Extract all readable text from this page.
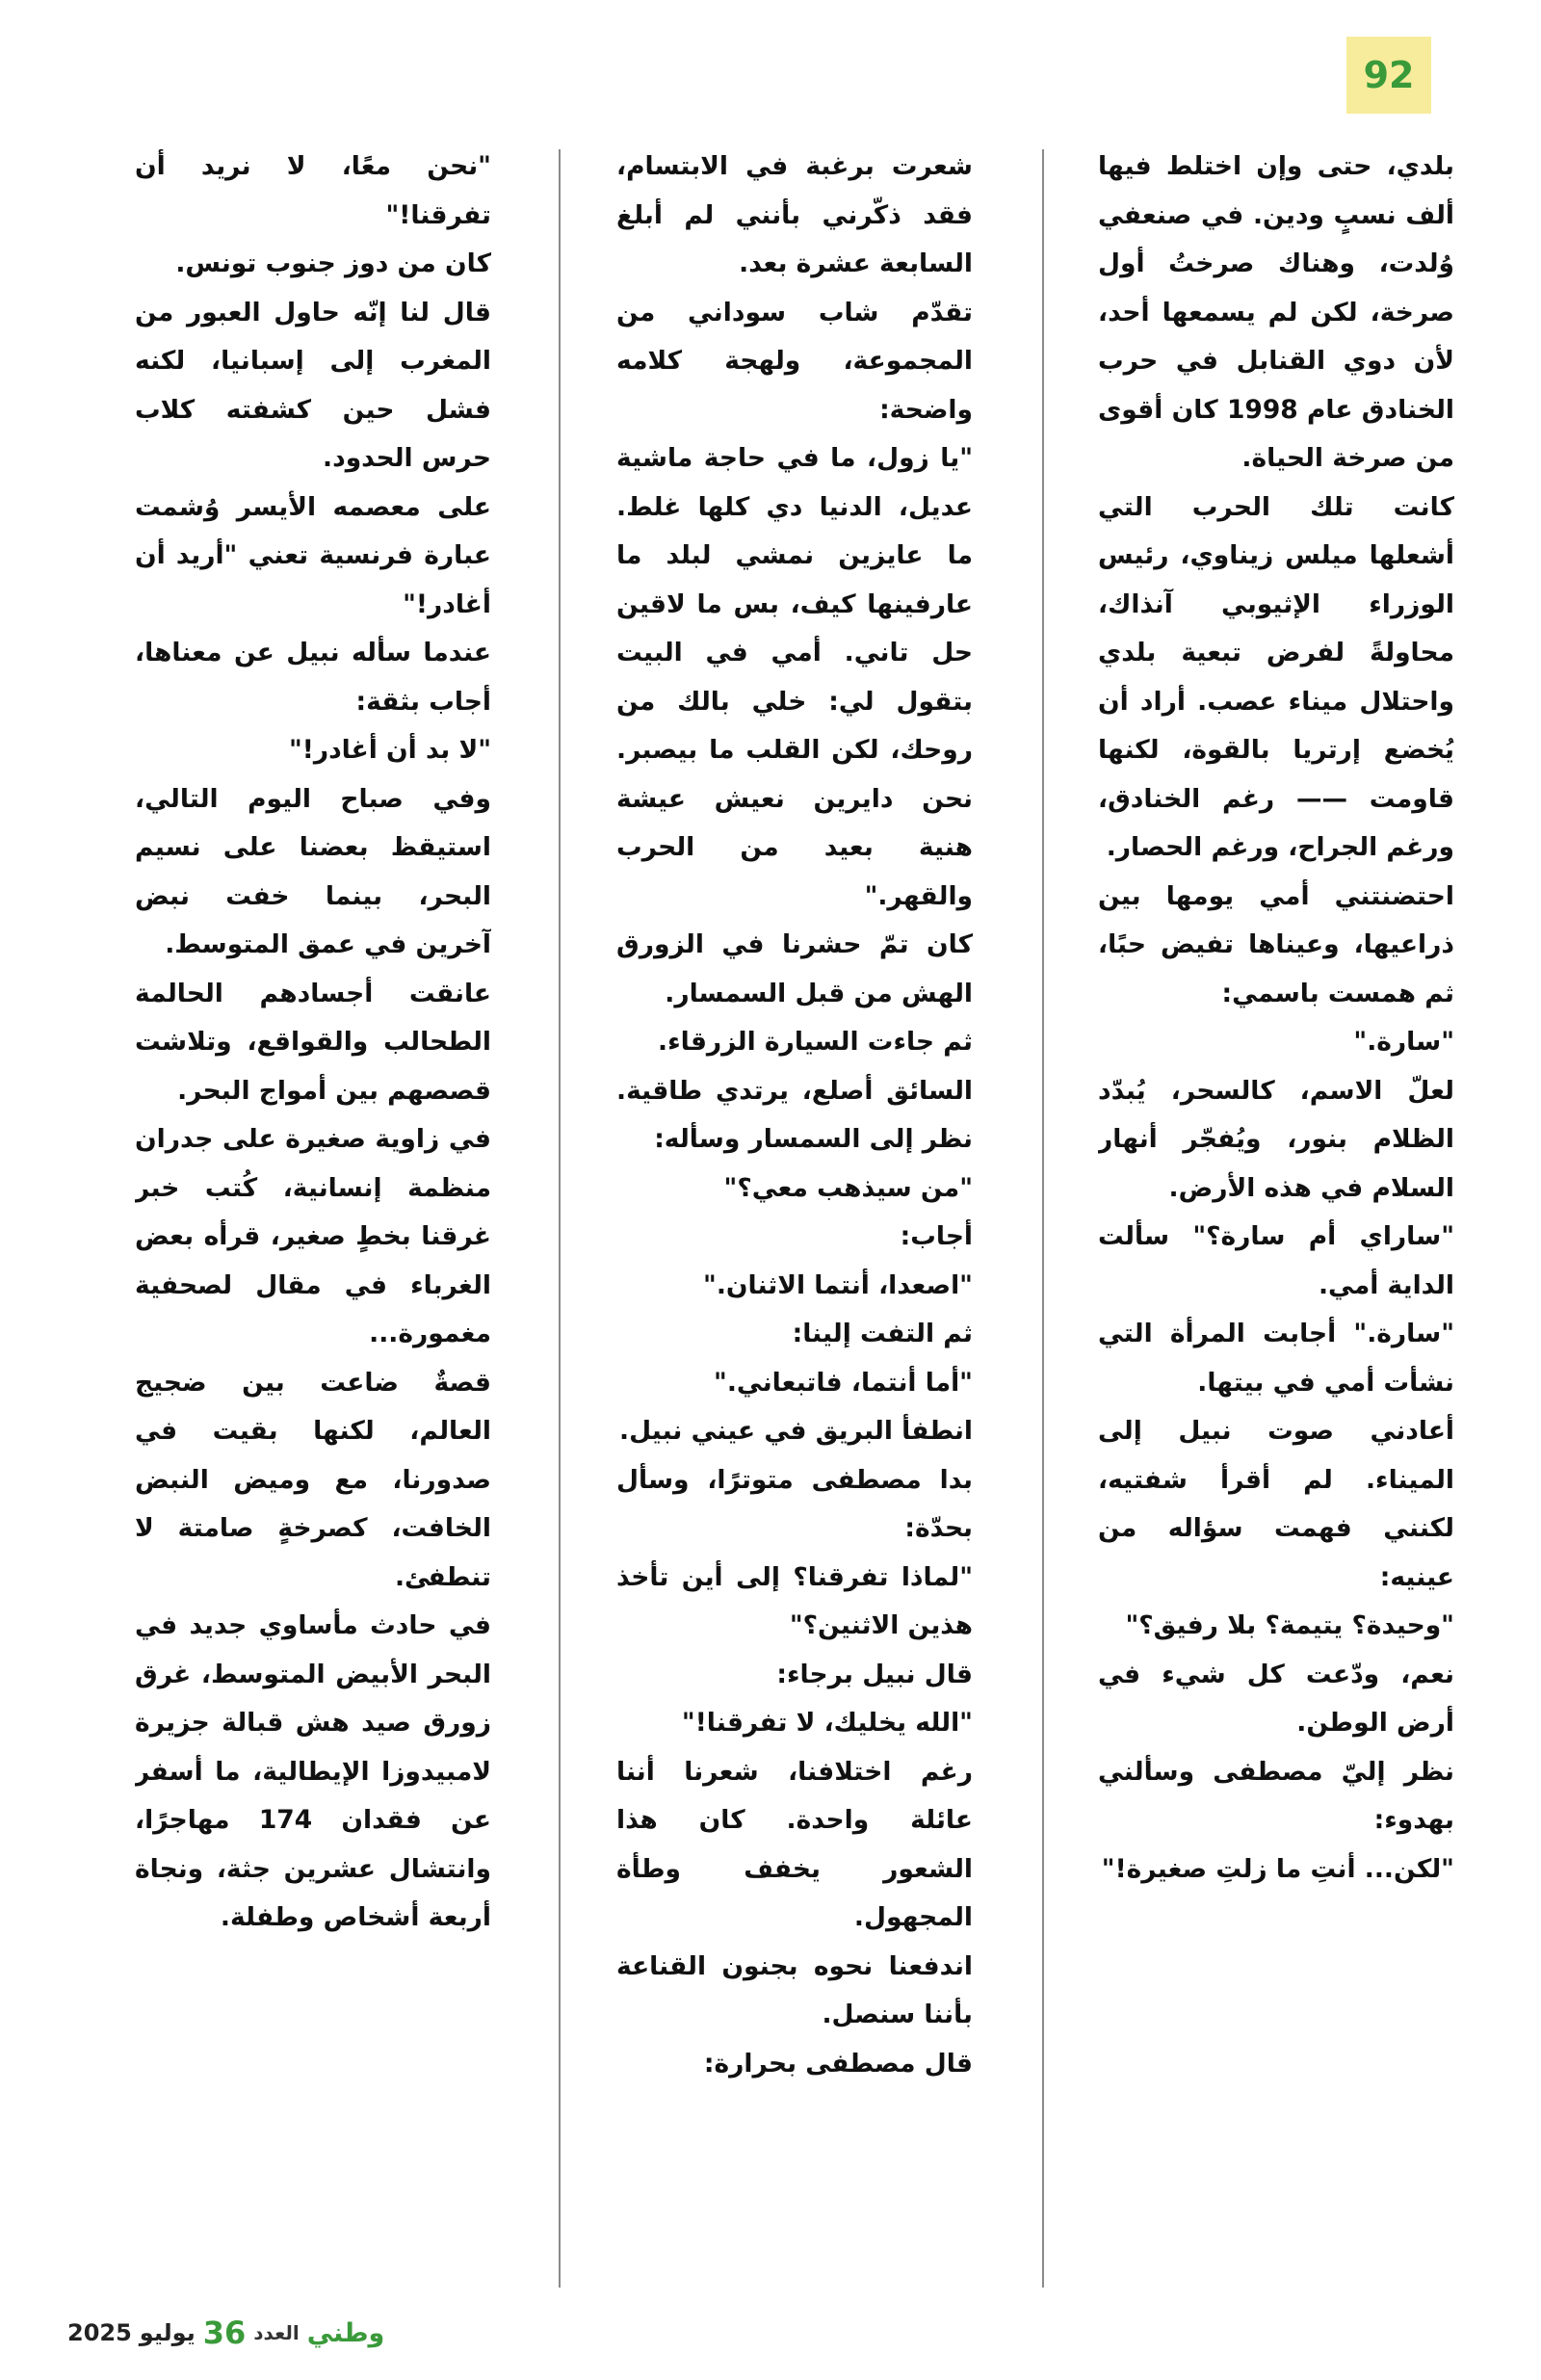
92

بلدي، حتى وإن اختلط فيها ألف نسبٍ ودين. في صنعفي وُلدت، وهناك صرختُ أول صرخة، لكن لم يسمعها أحد، لأن دوي القنابل في حرب الخنادق عام 1998 كان أقوى من صرخة الحياة.

كانت تلك الحرب التي أشعلها ميلس زيناوي، رئيس الوزراء الإثيوبي آنذاك، محاولةً لفرض تبعية بلدي واحتلال ميناء عصب. أراد أن يُخضع إرتريا بالقوة، لكنها قاومت —— رغم الخنادق، ورغم الجراح، ورغم الحصار.

احتضنتني أمي يومها بين ذراعيها، وعيناها تفيض حبًا، ثم همست باسمي:

"سارة."

لعلّ الاسم، كالسحر، يُبدّد الظلام بنور، ويُفجّر أنهار السلام في هذه الأرض.

"ساراي أم سارة؟" سألت الداية أمي.

"سارة." أجابت المرأة التي نشأت أمي في بيتها.

أعادني صوت نبيل إلى الميناء. لم أقرأ شفتيه، لكنني فهمت سؤاله من عينيه:

"وحيدة؟ يتيمة؟ بلا رفيق؟"

نعم، ودّعت كل شيء في أرض الوطن.

نظر إليّ مصطفى وسألني بهدوء:

"لكن... أنتِ ما زلتِ صغيرة!"

شعرت برغبة في الابتسام، فقد ذكّرني بأنني لم أبلغ السابعة عشرة بعد.

تقدّم شاب سوداني من المجموعة، ولهجة كلامه واضحة:

"يا زول، ما في حاجة ماشية عديل، الدنيا دي كلها غلط. ما عايزين نمشي لبلد ما عارفينها كيف، بس ما لاقين حل تاني. أمي في البيت بتقول لي: خلي بالك من روحك، لكن القلب ما بيصبر. نحن دايرين نعيش عيشة هنية بعيد من الحرب والقهر."

كان تمّ حشرنا في الزورق الهش من قبل السمسار.

ثم جاءت السيارة الزرقاء.

السائق أصلع، يرتدي طاقية. نظر إلى السمسار وسأله:

"من سيذهب معي؟"

أجاب:

"اصعدا، أنتما الاثنان."

ثم التفت إلينا:

"أما أنتما، فاتبعاني."

انطفأ البريق في عيني نبيل.

بدا مصطفى متوترًا، وسأل بحدّة:

"لماذا تفرقنا؟ إلى أين تأخذ هذين الاثنين؟"

قال نبيل برجاء:

"الله يخليك، لا تفرقنا!"

رغم اختلافنا، شعرنا أننا عائلة واحدة. كان هذا الشعور يخفف وطأة المجهول.

اندفعنا نحوه بجنون القناعة بأننا سنصل.

قال مصطفى بحرارة:

"نحن معًا، لا نريد أن تفرقنا!"

كان من دوز جنوب تونس.

قال لنا إنّه حاول العبور من المغرب إلى إسبانيا، لكنه فشل حين كشفته كلاب حرس الحدود.

على معصمه الأيسر وُشمت عبارة فرنسية تعني "أريد أن أغادر!"

عندما سأله نبيل عن معناها، أجاب بثقة:

"لا بد أن أغادر!"

وفي صباح اليوم التالي، استيقظ بعضنا على نسيم البحر، بينما خفت نبض آخرين في عمق المتوسط.

عانقت أجسادهم الحالمة الطحالب والقواقع، وتلاشت قصصهم بين أمواج البحر.

في زاوية صغيرة على جدران منظمة إنسانية، كُتب خبر غرقنا بخطٍ صغير، قرأه بعض الغرباء في مقال لصحفية مغمورة...

قصةٌ ضاعت بين ضجيج العالم، لكنها بقيت في صدورنا، مع وميض النبض الخافت، كصرخةٍ صامتة لا تنطفئ.

في حادث مأساوي جديد في البحر الأبيض المتوسط، غرق زورق صيد هش قبالة جزيرة لامبيدوزا الإيطالية، ما أسفر عن فقدان 174 مهاجرًا، وانتشال عشرين جثة، ونجاة أربعة أشخاص وطفلة.

وطني
العدد
36
يوليو
2025
